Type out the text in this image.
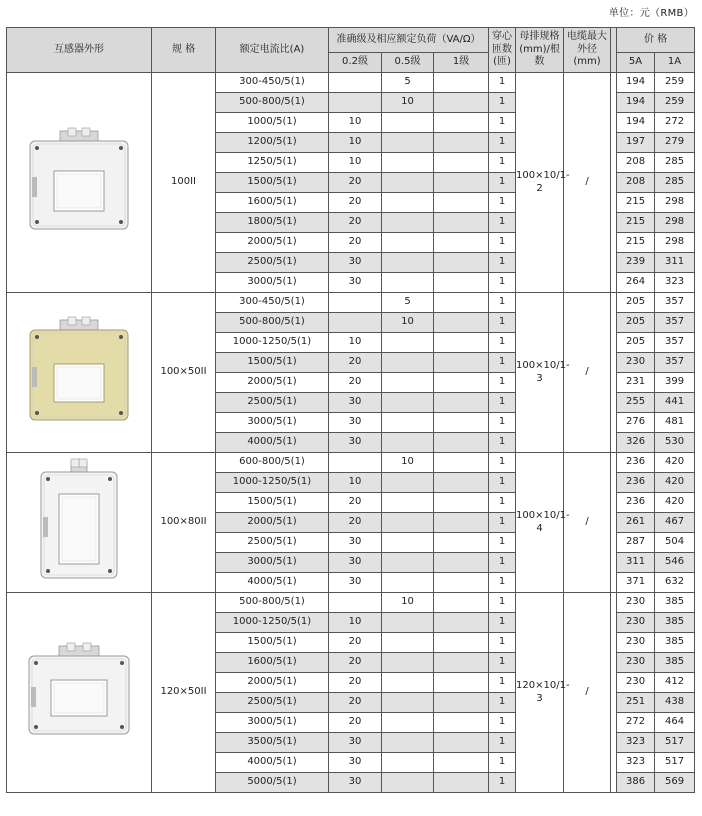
单位：元（RMB）
互感器外形	规 格	额定电流比(A)	准确级及相应额定负荷（VA/Ω）			穿心匝数(匝)	母排规格(mm)/根数	电缆最大外径(mm)		价 格	
			0.2级	0.5级	1级					5A	1A

	100II	300-450/5(1)		5		1	100×10/1-2	/		194	259
		500-800/5(1)		10		1				194	259
		1000/5(1)	10			1				194	272
		1200/5(1)	10			1				197	279
		1250/5(1)	10			1				208	285
		1500/5(1)	20			1				208	285
		1600/5(1)	20			1				215	298
		1800/5(1)	20			1				215	298
		2000/5(1)	20			1				215	298
		2500/5(1)	30			1				239	311
		3000/5(1)	30			1				264	323

	100×50II	300-450/5(1)		5		1	100×10/1-3	/		205	357
		500-800/5(1)		10		1				205	357
		1000-1250/5(1)	10			1				205	357
		1500/5(1)	20			1				230	357
		2000/5(1)	20			1				231	399
		2500/5(1)	30			1				255	441
		3000/5(1)	30			1				276	481
		4000/5(1)	30			1				326	530

	100×80II	600-800/5(1)		10		1	100×10/1-4	/		236	420
		1000-1250/5(1)	10			1				236	420
		1500/5(1)	20			1				236	420
		2000/5(1)	20			1				261	467
		2500/5(1)	30			1				287	504
		3000/5(1)	30			1				311	546
		4000/5(1)	30			1				371	632

	120×50II	500-800/5(1)		10		1	120×10/1-3	/		230	385
		1000-1250/5(1)	10			1				230	385
		1500/5(1)	20			1				230	385
		1600/5(1)	20			1				230	385
		2000/5(1)	20			1				230	412
		2500/5(1)	20			1				251	438
		3000/5(1)	20			1				272	464
		3500/5(1)	30			1				323	517
		4000/5(1)	30			1				323	517
		5000/5(1)	30			1				386	569
